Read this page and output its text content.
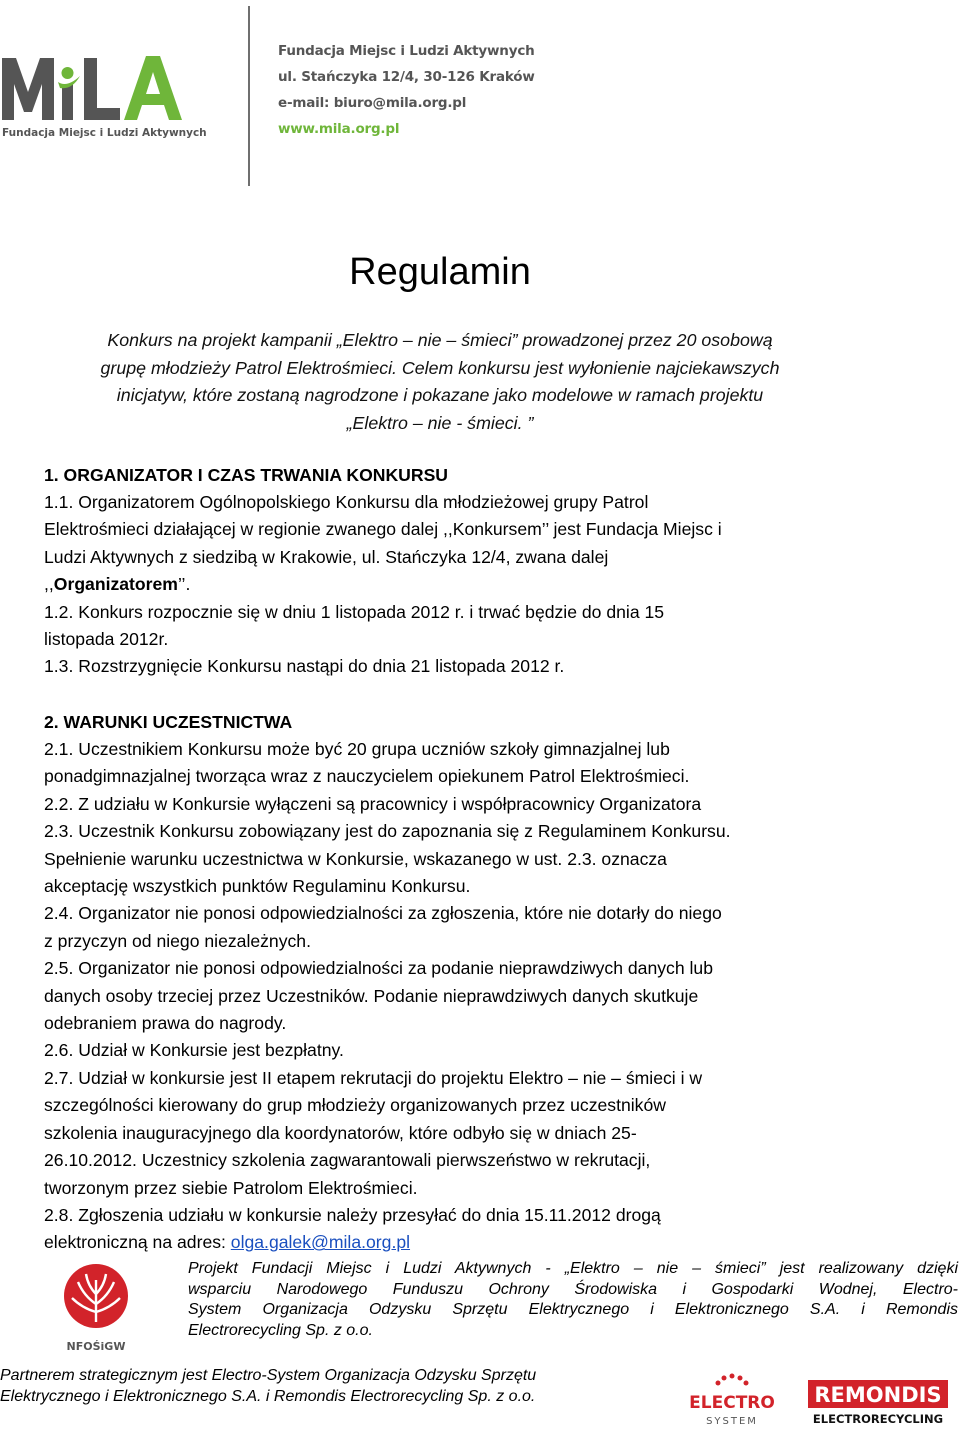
Fundacja Miejsc i Ludzi Aktywnych
Fundacja Miejsc i Ludzi Aktywnych
ul. Stańczyka 12/4, 30-126 Kraków
e-mail: biuro@mila.org.pl
www.mila.org.pl
Regulamin
Konkurs na projekt kampanii „Elektro – nie – śmieci” prowadzonej przez 20 osobową
grupę młodzieży Patrol Elektrośmieci. Celem konkursu jest wyłonienie najciekawszych
inicjatyw, które zostaną nagrodzone i pokazane jako modelowe w ramach projektu
„Elektro – nie - śmieci. ”
1. ORGANIZATOR I CZAS TRWANIA KONKURSU
1.1. Organizatorem Ogólnopolskiego Konkursu dla młodzieżowej grupy Patrol
Elektrośmieci działającej w regionie zwanego dalej ,,Konkursem’’ jest Fundacja Miejsc i
Ludzi Aktywnych z siedzibą w Krakowie, ul. Stańczyka 12/4, zwana dalej
,,Organizatorem’’.
1.2. Konkurs rozpocznie się w dniu 1 listopada 2012 r. i trwać będzie do dnia 15
listopada 2012r.
1.3. Rozstrzygnięcie Konkursu nastąpi do dnia 21 listopada 2012 r.
2. WARUNKI UCZESTNICTWA
2.1. Uczestnikiem Konkursu może być 20 grupa uczniów szkoły gimnazjalnej lub
ponadgimnazjalnej tworząca wraz z nauczycielem opiekunem Patrol Elektrośmieci.
2.2. Z udziału w Konkursie wyłączeni są pracownicy i współpracownicy Organizatora
2.3. Uczestnik Konkursu zobowiązany jest do zapoznania się z Regulaminem Konkursu.
Spełnienie warunku uczestnictwa w Konkursie, wskazanego w ust. 2.3. oznacza
akceptację wszystkich punktów Regulaminu Konkursu.
2.4. Organizator nie ponosi odpowiedzialności za zgłoszenia, które nie dotarły do niego
z przyczyn od niego niezależnych.
2.5. Organizator nie ponosi odpowiedzialności za podanie nieprawdziwych danych lub
danych osoby trzeciej przez Uczestników. Podanie nieprawdziwych danych skutkuje
odebraniem prawa do nagrody.
2.6. Udział w Konkursie jest bezpłatny.
2.7. Udział w konkursie jest II etapem rekrutacji do projektu Elektro – nie – śmieci i w
szczególności kierowany do grup młodzieży organizowanych przez uczestników
szkolenia inauguracyjnego dla koordynatorów, które odbyło się w dniach 25-
26.10.2012. Uczestnicy szkolenia zagwarantowali pierwszeństwo w rekrutacji,
tworzonym przez siebie Patrolom Elektrośmieci.
2.8. Zgłoszenia udziału w konkursie należy przesyłać do dnia 15.11.2012 drogą
elektroniczną na adres: olga.galek@mila.org.pl
NFOŚiGW
Projekt Fundacji Miejsc i Ludzi Aktywnych - „Elektro – nie – śmieci” jest realizowany dzięki
wsparciu Narodowego Funduszu Ochrony Środowiska i Gospodarki Wodnej, Electro-
System Organizacja Odzysku Sprzętu Elektrycznego i Elektronicznego S.A. i Remondis
Electrorecycling Sp. z o.o.
Partnerem strategicznym jest Electro-System Organizacja Odzysku Sprzętu
Elektrycznego i Elektronicznego S.A. i Remondis Electrorecycling Sp. z o.o.	ELECTRO
SYSTEM
REMONDIS
ELECTRORECYCLING
